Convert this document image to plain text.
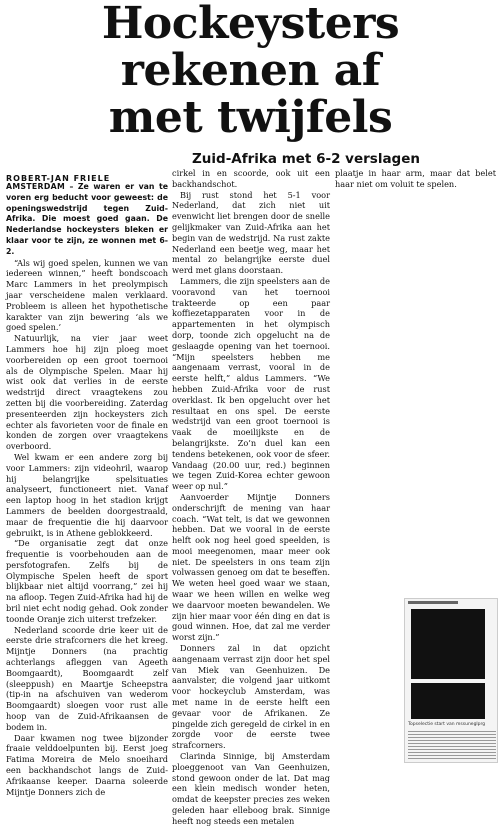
Hockeysters
rekenen af
met twijfels
Zuid-Afrika met 6-2 verslagen
ROBERT-JAN FRIELE

AMSTERDAM – Ze waren er van te voren erg beducht voor geweest: de openingswedstrijd tegen Zuid-Afrika. Die moest goed gaan. De Nederlandse hockeysters bleken er klaar voor te zijn, ze wonnen met 6-2.

“Als wij goed spelen, kunnen we van iedereen winnen,” heeft bondscoach Marc Lammers in het preolympisch jaar verscheidene malen verklaard. Probleem is alleen het hypothetische karakter van zijn bewering ‘als we goed spelen.’

Natuurlijk, na vier jaar weet Lammers hoe hij zijn ploeg moet voorbereiden op een groot toernooi als de Olympische Spelen. Maar hij wist ook dat verlies in de eerste wedstrijd direct vraagtekens zou zetten bij die voorbereiding. Zaterdag presenteerden zijn hockeysters zich echter als favorieten voor de finale en konden de zorgen over vraagtekens overboord.

Wel kwam er een andere zorg bij voor Lammers: zijn videohril, waarop hij belangrijke spelsituaties analyseert, functioneert niet. Vanaf een laptop hoog in het stadion krijgt Lammers de beelden doorgestraald, maar de frequentie die hij daarvoor gebruikt, is in Athene geblokkeerd.

“De organisatie zegt dat onze frequentie is voorbehouden aan de persfotografen. Zelfs bij de Olympische Spelen heeft de sport blijkbaar niet altijd voorrang,” zei hij na afloop. Tegen Zuid-Afrika had hij de bril niet echt nodig gehad. Ook zonder toonde Oranje zich uiterst trefzeker.

Nederland scoorde drie keer uit de eerste drie strafcorners die het kreeg. Mijntje Donners (na prachtig achterlangs afleggen van Ageeth Boomgaardt), Boomgaardt zelf (sleeppush) en Maartje Scheepstra (tip-in na afschuiven van wederom Boomgaardt) sloegen voor rust alle hoop van de Zuid-Afrikaansen de bodem in.

Daar kwamen nog twee bijzonder fraaie velddoelpunten bij. Eerst joeg Fatima Moreira de Melo snoeihard een backhandschot langs de Zuid-Afrikaanse keeper. Daarna soleerde Mijntje Donners zich de

cirkel in en scoorde, ook uit een backhandschot.

Bij rust stond het 5-1 voor Nederland, dat zich niet uit evenwicht liet brengen door de snelle gelijkmaker van Zuid-Afrika aan het begin van de wedstrijd. Na rust zakte Nederland een beetje weg, maar het mental zo belangrijke eerste duel werd met glans doorstaan.

Lammers, die zijn speelsters aan de vooravond van het toernooi trakteerde op een paar koffiezetapparaten voor in de appartementen in het olympisch dorp, toonde zich opgelucht na de geslaagde opening van het toernooi. “Mijn speelsters hebben me aangenaam verrast, vooral in de eerste helft,” aldus Lammers. “We hebben Zuid-Afrika voor de rust overklast. Ik ben opgelucht over het resultaat en ons spel. De eerste wedstrijd van een groot toernooi is vaak de moeilijkste en de belangrijkste. Zo’n duel kan een tendens betekenen, ook voor de sfeer. Vandaag (20.00 uur, red.) beginnen we tegen Zuid-Korea echter gewoon weer op nul.”

Aanvoerder Mijntje Donners onderschrijft de mening van haar coach. “Wat telt, is dat we gewonnen hebben. Dat we vooral in de eerste helft ook nog heel goed speelden, is mooi meegenomen, maar meer ook niet. De speelsters in ons team zijn volwassen genoeg om dat te beseffen. We weten heel goed waar we staan, waar we heen willen en welke weg we daarvoor moeten bewandelen. We zijn hier maar voor één ding en dat is goud winnen. Hoe, dat zal me verder worst zijn.”

Donners zal in dat opzicht aangenaam verrast zijn door het spel van Miek van Geenhuizen. De aanvalster, die volgend jaar uitkomt voor hockeyclub Amsterdam, was met name in de eerste helft een gevaar voor de Afrikanen. Ze pingelde zich geregeld de cirkel in en zorgde voor de eerste twee strafcorners.

Clarinda Sinnige, bij Amsterdam ploeggenoot van Van Geenhuizen, stond gewoon onder de lat. Dat mag een klein medisch wonder heten, omdat de keepster precies zes weken geleden haar elleboog brak. Sinnige heeft nog steeds een metalen

plaatje in haar arm, maar dat belet haar niet om voluit te spelen.

Topselectie start van mssuneglprg
